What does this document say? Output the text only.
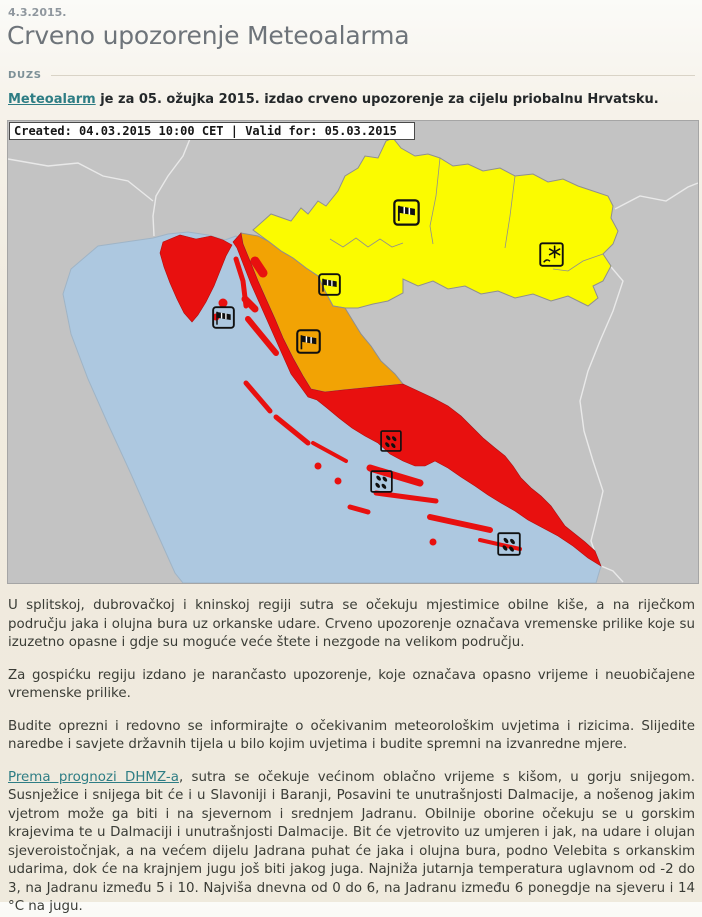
4.3.2015.
Crveno upozorenje Meteoalarma
DUZS

Meteoalarm je za 05. ožujka 2015. izdao crveno upozorenje za cijelu priobalnu Hrvatsku.

Created: 04.03.2015 10:00 CET | Valid for: 05.03.2015

U splitskoj, dubrovačkoj i kninskoj regiji sutra se očekuju mjestimice obilne kiše, a na riječkom području jaka i olujna bura uz orkanske udare. Crveno upozorenje označava vremenske prilike koje su izuzetno opasne i gdje su moguće veće štete i nezgode na velikom području.

Za gospićku regiju izdano je narančasto upozorenje, koje označava opasno vrijeme i neuobičajene vremenske prilike.

Budite oprezni i redovno se informirajte o očekivanim meteorološkim uvjetima i rizicima. Slijedite naredbe i savjete državnih tijela u bilo kojim uvjetima i budite spremni na izvanredne mjere.

Prema prognozi DHMZ-a, sutra se očekuje većinom oblačno vrijeme s kišom, u gorju snijegom. Susnježice i snijega bit će i u Slavoniji i Baranji, Posavini te unutrašnjosti Dalmacije, a nošenog jakim vjetrom može ga biti i na sjevernom i srednjem Jadranu. Obilnije oborine očekuju se u gorskim krajevima te u Dalmaciji i unutrašnjosti Dalmacije. Bit će vjetrovito uz umjeren i jak, na udare i olujan sjeveroistočnjak, a na većem dijelu Jadrana puhat će jaka i olujna bura, podno Velebita s orkanskim udarima, dok će na krajnjem jugu još biti jakog juga. Najniža jutarnja temperatura uglavnom od -2 do 3, na Jadranu između 5 i 10. Najviša dnevna od 0 do 6, na Jadranu između 6 ponegdje na sjeveru i 14 °C na jugu.
